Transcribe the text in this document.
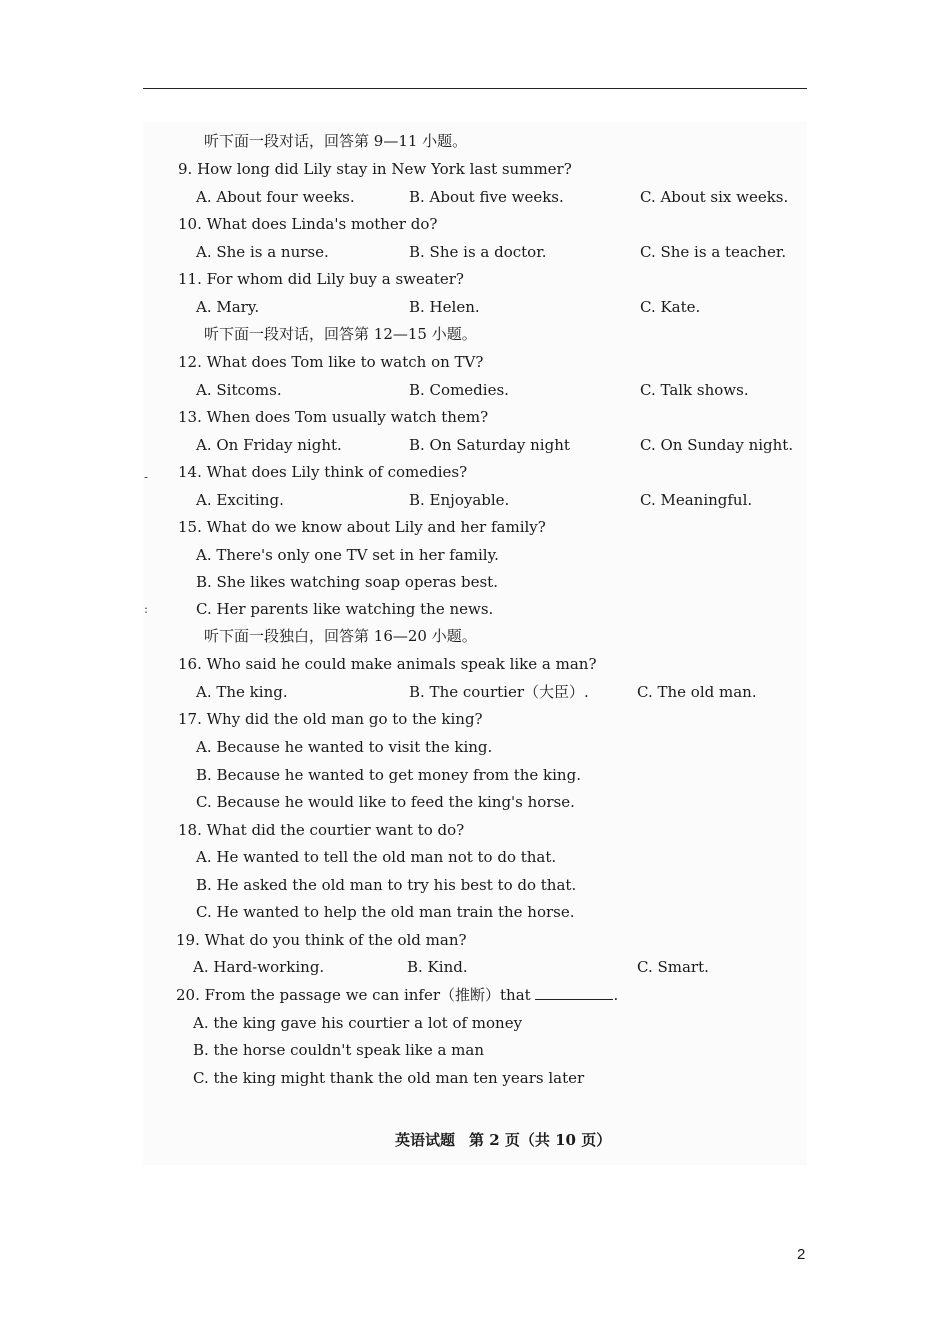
听下面一段对话，回答第 9—11 小题。
9. How long did Lily stay in New York last summer?
A. About four weeks.	B. About five weeks.	C. About six weeks.
10. What does Linda's mother do?
A. She is a nurse.	B. She is a doctor.	C. She is a teacher.
11. For whom did Lily buy a sweater?
A. Mary.	B. Helen.	C. Kate.
听下面一段对话，回答第 12—15 小题。
12. What does Tom like to watch on TV?
A. Sitcoms.	B. Comedies.	C. Talk shows.
13. When does Tom usually watch them?
A. On Friday night.	B. On Saturday night	C. On Sunday night.
14. What does Lily think of comedies?
A. Exciting.	B. Enjoyable.	C. Meaningful.
15. What do we know about Lily and her family?
A. There's only one TV set in her family.
B. She likes watching soap operas best.
C. Her parents like watching the news.
听下面一段独白，回答第 16—20 小题。
16. Who said he could make animals speak like a man?
A. The king.	B. The courtier（大臣）.	C. The old man.
17. Why did the old man go to the king?
A. Because he wanted to visit the king.
B. Because he wanted to get money from the king.
C. Because he would like to feed the king's horse.
18. What did the courtier want to do?
A. He wanted to tell the old man not to do that.
B. He asked the old man to try his best to do that.
C. He wanted to help the old man train the horse.
19. What do you think of the old man?
A. Hard-working.	B. Kind.	C. Smart.
20. From the passage we can infer（推断）that	.
A. the king gave his courtier a lot of money
B. the horse couldn't speak like a man
C. the king might thank the old man ten years later
英语试题 第 2 页（共 10 页）
-
:
2
